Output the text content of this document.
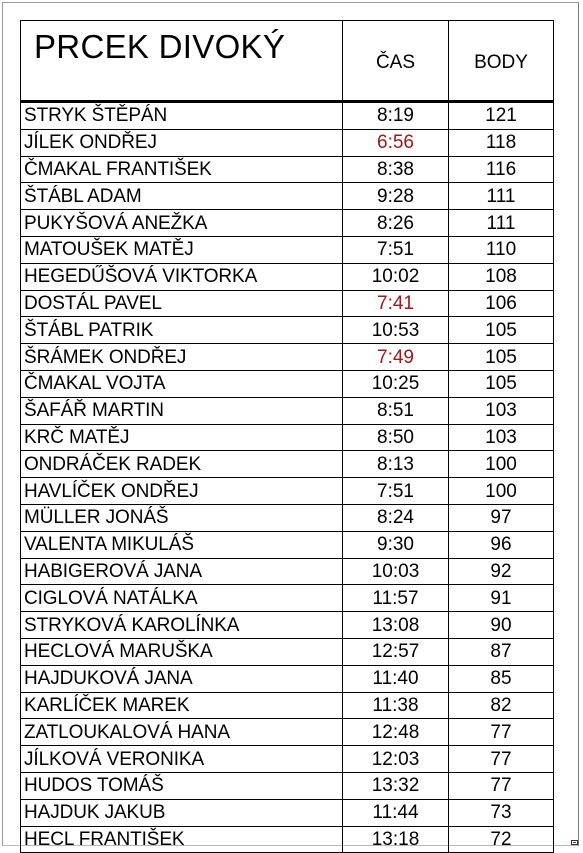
PRCEK DIVOKÝ	ČAS	BODY
STRYK ŠTĚPÁN	8:19	121
JÍLEK ONDŘEJ	6:56	118
ČMAKAL FRANTIŠEK	8:38	116
ŠTÁBL ADAM	9:28	111
PUKYŠOVÁ ANEŽKA	8:26	111
MATOUŠEK MATĚJ	7:51	110
HEGEDŰŠOVÁ VIKTORKA	10:02	108
DOSTÁL PAVEL	7:41	106
ŠTÁBL PATRIK	10:53	105
ŠRÁMEK ONDŘEJ	7:49	105
ČMAKAL VOJTA	10:25	105
ŠAFÁŘ MARTIN	8:51	103
KRČ MATĚJ	8:50	103
ONDRÁČEK RADEK	8:13	100
HAVLÍČEK ONDŘEJ	7:51	100
MÜLLER JONÁŠ	8:24	97
VALENTA MIKULÁŠ	9:30	96
HABIGEROVÁ JANA	10:03	92
CIGLOVÁ NATÁLKA	11:57	91
STRYKOVÁ KAROLÍNKA	13:08	90
HECLOVÁ MARUŠKA	12:57	87
HAJDUKOVÁ JANA	11:40	85
KARLÍČEK MAREK	11:38	82
ZATLOUKALOVÁ HANA	12:48	77
JÍLKOVÁ VERONIKA	12:03	77
HUDOS TOMÁŠ	13:32	77
HAJDUK JAKUB	11:44	73
HECL FRANTIŠEK	13:18	72
